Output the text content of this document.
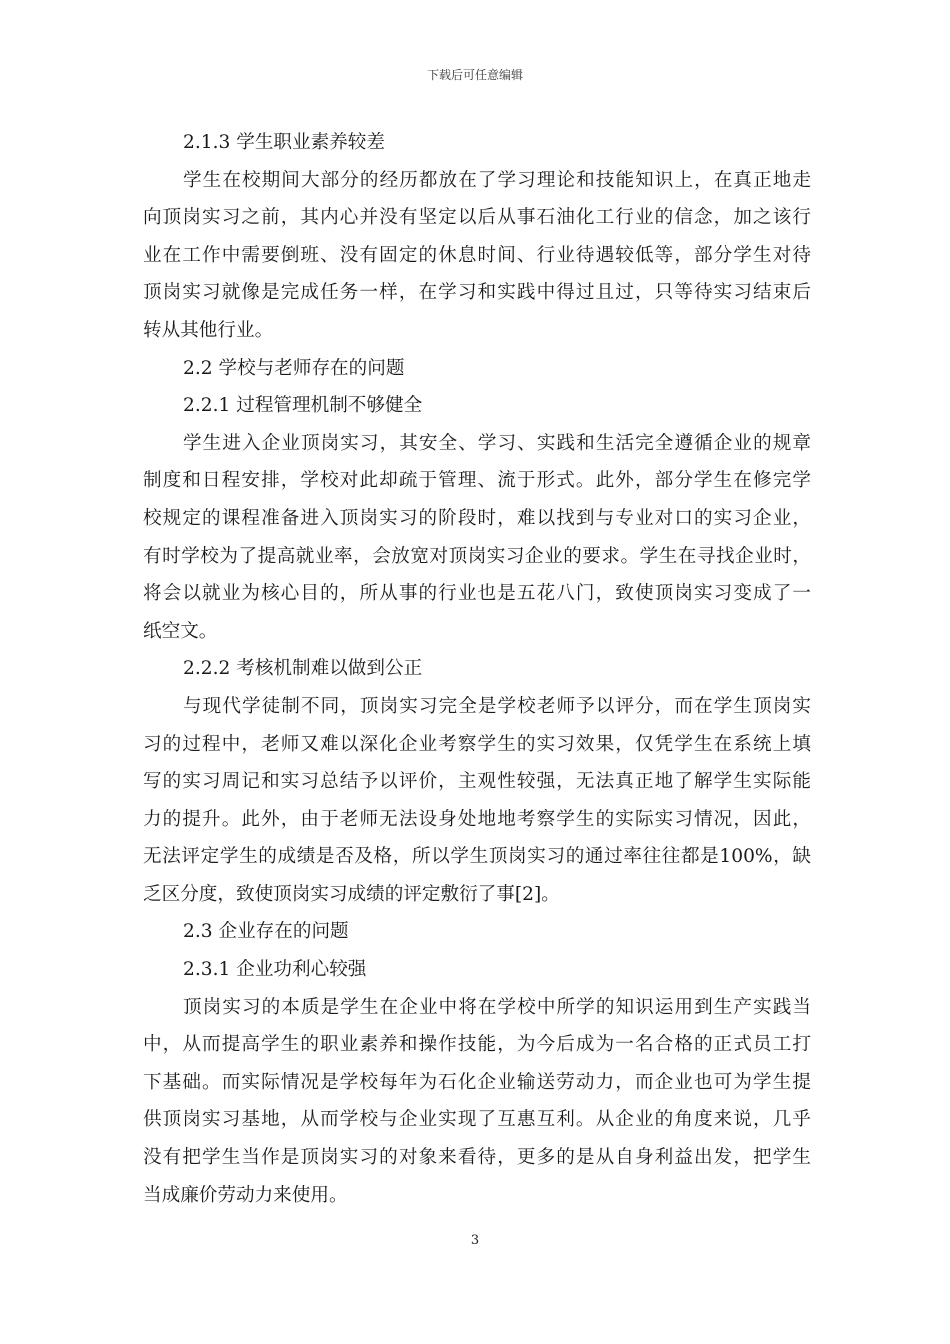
下载后可任意编辑
2.1.3 学生职业素养较差
学生在校期间大部分的经历都放在了学习理论和技能知识上，在真正地走
向顶岗实习之前，其内心并没有坚定以后从事石油化工行业的信念，加之该行
业在工作中需要倒班、没有固定的休息时间、行业待遇较低等，部分学生对待
顶岗实习就像是完成任务一样，在学习和实践中得过且过，只等待实习结束后
转从其他行业。
2.2 学校与老师存在的问题
2.2.1 过程管理机制不够健全
学生进入企业顶岗实习，其安全、学习、实践和生活完全遵循企业的规章
制度和日程安排，学校对此却疏于管理、流于形式。此外，部分学生在修完学
校规定的课程准备进入顶岗实习的阶段时，难以找到与专业对口的实习企业，
有时学校为了提高就业率，会放宽对顶岗实习企业的要求。学生在寻找企业时，
将会以就业为核心目的，所从事的行业也是五花八门，致使顶岗实习变成了一
纸空文。
2.2.2 考核机制难以做到公正
与现代学徒制不同，顶岗实习完全是学校老师予以评分，而在学生顶岗实
习的过程中，老师又难以深化企业考察学生的实习效果，仅凭学生在系统上填
写的实习周记和实习总结予以评价，主观性较强，无法真正地了解学生实际能
力的提升。此外，由于老师无法设身处地地考察学生的实际实习情况，因此，
无法评定学生的成绩是否及格，所以学生顶岗实习的通过率往往都是100%，缺
乏区分度，致使顶岗实习成绩的评定敷衍了事[2]。
2.3 企业存在的问题
2.3.1 企业功利心较强
顶岗实习的本质是学生在企业中将在学校中所学的知识运用到生产实践当
中，从而提高学生的职业素养和操作技能，为今后成为一名合格的正式员工打
下基础。而实际情况是学校每年为石化企业输送劳动力，而企业也可为学生提
供顶岗实习基地，从而学校与企业实现了互惠互利。从企业的角度来说，几乎
没有把学生当作是顶岗实习的对象来看待，更多的是从自身利益出发，把学生
当成廉价劳动力来使用。
3
